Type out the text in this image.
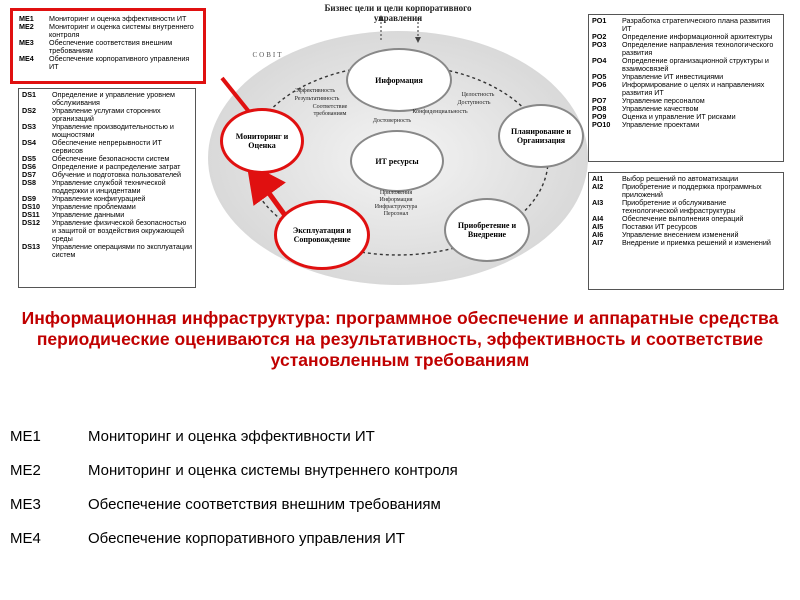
Бизнес цели и цели корпоративного управления
COBIT
Информация
ИТ ресурсы
Эффективность
Результативность
Соответствие требованиям
Целостность
Доступность
Конфиденциальность
Достоверность
Приложения
Информация
Инфраструктура
Персонал
Планирование и Организация
Приобретение и Внедрение
Эксплуатация и Сопровождение
Мониторинг и Оценка
ME1	Мониторинг и оценка эффективности ИТ
ME2	Мониторинг и оценка системы внутреннего контроля
ME3	Обеспечение соответствия внешним требованиям
ME4	Обеспечение корпоративного управления ИТ
DS1	Определение и управление уровнем обслуживания
DS2	Управление услугами сторонних организаций
DS3	Управление производительностью и мощностями
DS4	Обеспечение непрерывности ИТ сервисов
DS5	Обеспечение безопасности систем
DS6	Определение и распределение затрат
DS7	Обучение и подготовка пользователей
DS8	Управление службой технической поддержки и инцидентами
DS9	Управление конфигурацией
DS10	Управление проблемами
DS11	Управление данными
DS12	Управление физической безопасностью и защитой от воздействия окружающей среды
DS13	Управление операциями по эксплуатации систем
PO1	Разработка стратегического плана развития ИТ
PO2	Определение информационной архитектуры
PO3	Определение направления технологического развития
PO4	Определение организационной структуры и взаимосвязей
PO5	Управление ИТ инвестициями
PO6	Информирование о целях и направлениях развития ИТ
PO7	Управление персоналом
PO8	Управление качеством
PO9	Оценка и управление ИТ рисками
PO10	Управление проектами
AI1	Выбор решений по автоматизации
AI2	Приобретение и поддержка программных приложений
AI3	Приобретение и обслуживание технологической инфраструктуры
AI4	Обеспечение выполнения операций
AI5	Поставки ИТ ресурсов
AI6	Управление внесением изменений
AI7	Внедрение и приемка решений и изменений
Информационная инфраструктура: программное обеспечение и аппаратные средства периодические оцениваются на результативность, эффективность и соответствие установленным требованиям
ME1	Мониторинг и оценка эффективности ИТ
ME2	Мониторинг и оценка системы внутреннего контроля
ME3	Обеспечение соответствия внешним требованиям
ME4	Обеспечение корпоративного управления ИТ
